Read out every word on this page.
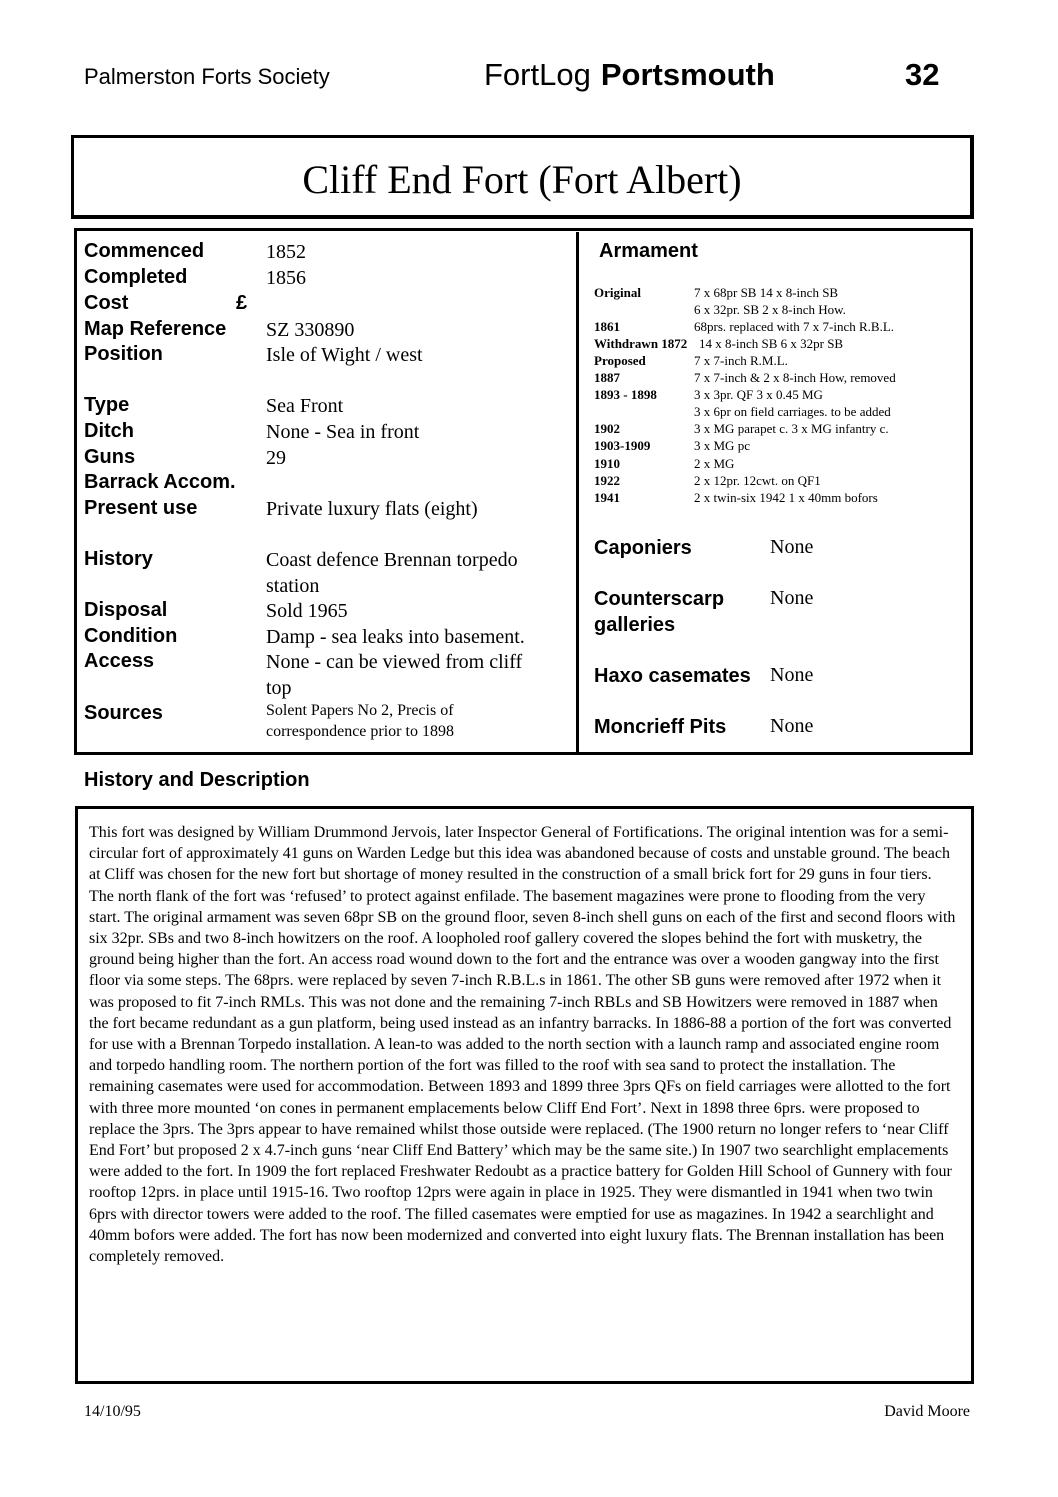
Palmerston Forts Society	FortLog Portsmouth	32
Cliff End Fort (Fort Albert)
Commenced	1852
Completed	1856
Cost	£
Map Reference SZ 330890
Position	Isle of Wight / west
Type	Sea Front
Ditch	None - Sea in front
Guns	29
Barrack Accom.
Present use	Private luxury flats (eight)
History	Coast defence Brennan torpedo
station
Disposal	Sold 1965
Condition	Damp - sea leaks into basement.
Access	None - can be viewed from cliff
top
Sources	Solent Papers No 2, Precis of
correspondence prior to 1898
Armament
Original	7 x 68pr SB 14 x 8-inch SB
6 x 32pr. SB 2 x 8-inch How.
1861	68prs. replaced with 7 x 7-inch R.B.L.
Withdrawn 1872 14 x 8-inch SB 6 x 32pr SB
Proposed	7 x 7-inch R.M.L.
1887	7 x 7-inch & 2 x 8-inch How, removed
1893 - 1898	3 x 3pr. QF 3 x 0.45 MG
3 x 6pr on field carriages. to be added
1902	3 x MG parapet c. 3 x MG infantry c.
1903-1909	3 x MG pc
1910	2 x MG
1922	2 x 12pr. 12cwt. on QF1
1941	2 x twin-six 1942 1 x 40mm bofors
Caponiers	None
Counterscarp
galleries
None
Haxo casemates None
Moncrieff Pits None
History and Description
This fort was designed by William Drummond Jervois, later Inspector General of Fortifications. The original intention was for a semi-circular fort of approximately 41 guns on Warden Ledge but this idea was abandoned because of costs and unstable ground. The beach at Cliff was chosen for the new fort but shortage of money resulted in the construction of a small brick fort for 29 guns in four tiers. The north flank of the fort was ‘refused’ to protect against enfilade. The basement magazines were prone to flooding from the very start. The original armament was seven 68pr SB on the ground floor, seven 8-inch shell guns on each of the first and second floors with six 32pr. SBs and two 8-inch howitzers on the roof. A loopholed roof gallery covered the slopes behind the fort with musketry, the ground being higher than the fort. An access road wound down to the fort and the entrance was over a wooden gangway into the first floor via some steps. The 68prs. were replaced by seven 7-inch R.B.L.s in 1861. The other SB guns were removed after 1972 when it was proposed to fit 7-inch RMLs. This was not done and the remaining 7-inch RBLs and SB Howitzers were removed in 1887 when the fort became redundant as a gun platform, being used instead as an infantry barracks. In 1886-88 a portion of the fort was converted for use with a Brennan Torpedo installation. A lean-to was added to the north section with a launch ramp and associated engine room and torpedo handling room. The northern portion of the fort was filled to the roof with sea sand to protect the installation. The remaining casemates were used for accommodation. Between 1893 and 1899 three 3prs QFs on field carriages were allotted to the fort with three more mounted ‘on cones in permanent emplacements below Cliff End Fort’. Next in 1898 three 6prs. were proposed to replace the 3prs. The 3prs appear to have remained whilst those outside were replaced. (The 1900 return no longer refers to ‘near Cliff End Fort’ but proposed 2 x 4.7-inch guns ‘near Cliff End Battery’ which may be the same site.) In 1907 two searchlight emplacements were added to the fort. In 1909 the fort replaced Freshwater Redoubt as a practice battery for Golden Hill School of Gunnery with four rooftop 12prs. in place until 1915-16. Two rooftop 12prs were again in place in 1925. They were dismantled in 1941 when two twin 6prs with director towers were added to the roof. The filled casemates were emptied for use as magazines. In 1942 a searchlight and 40mm bofors were added. The fort has now been modernized and converted into eight luxury flats. The Brennan installation has been completely removed.
14/10/95	David Moore
